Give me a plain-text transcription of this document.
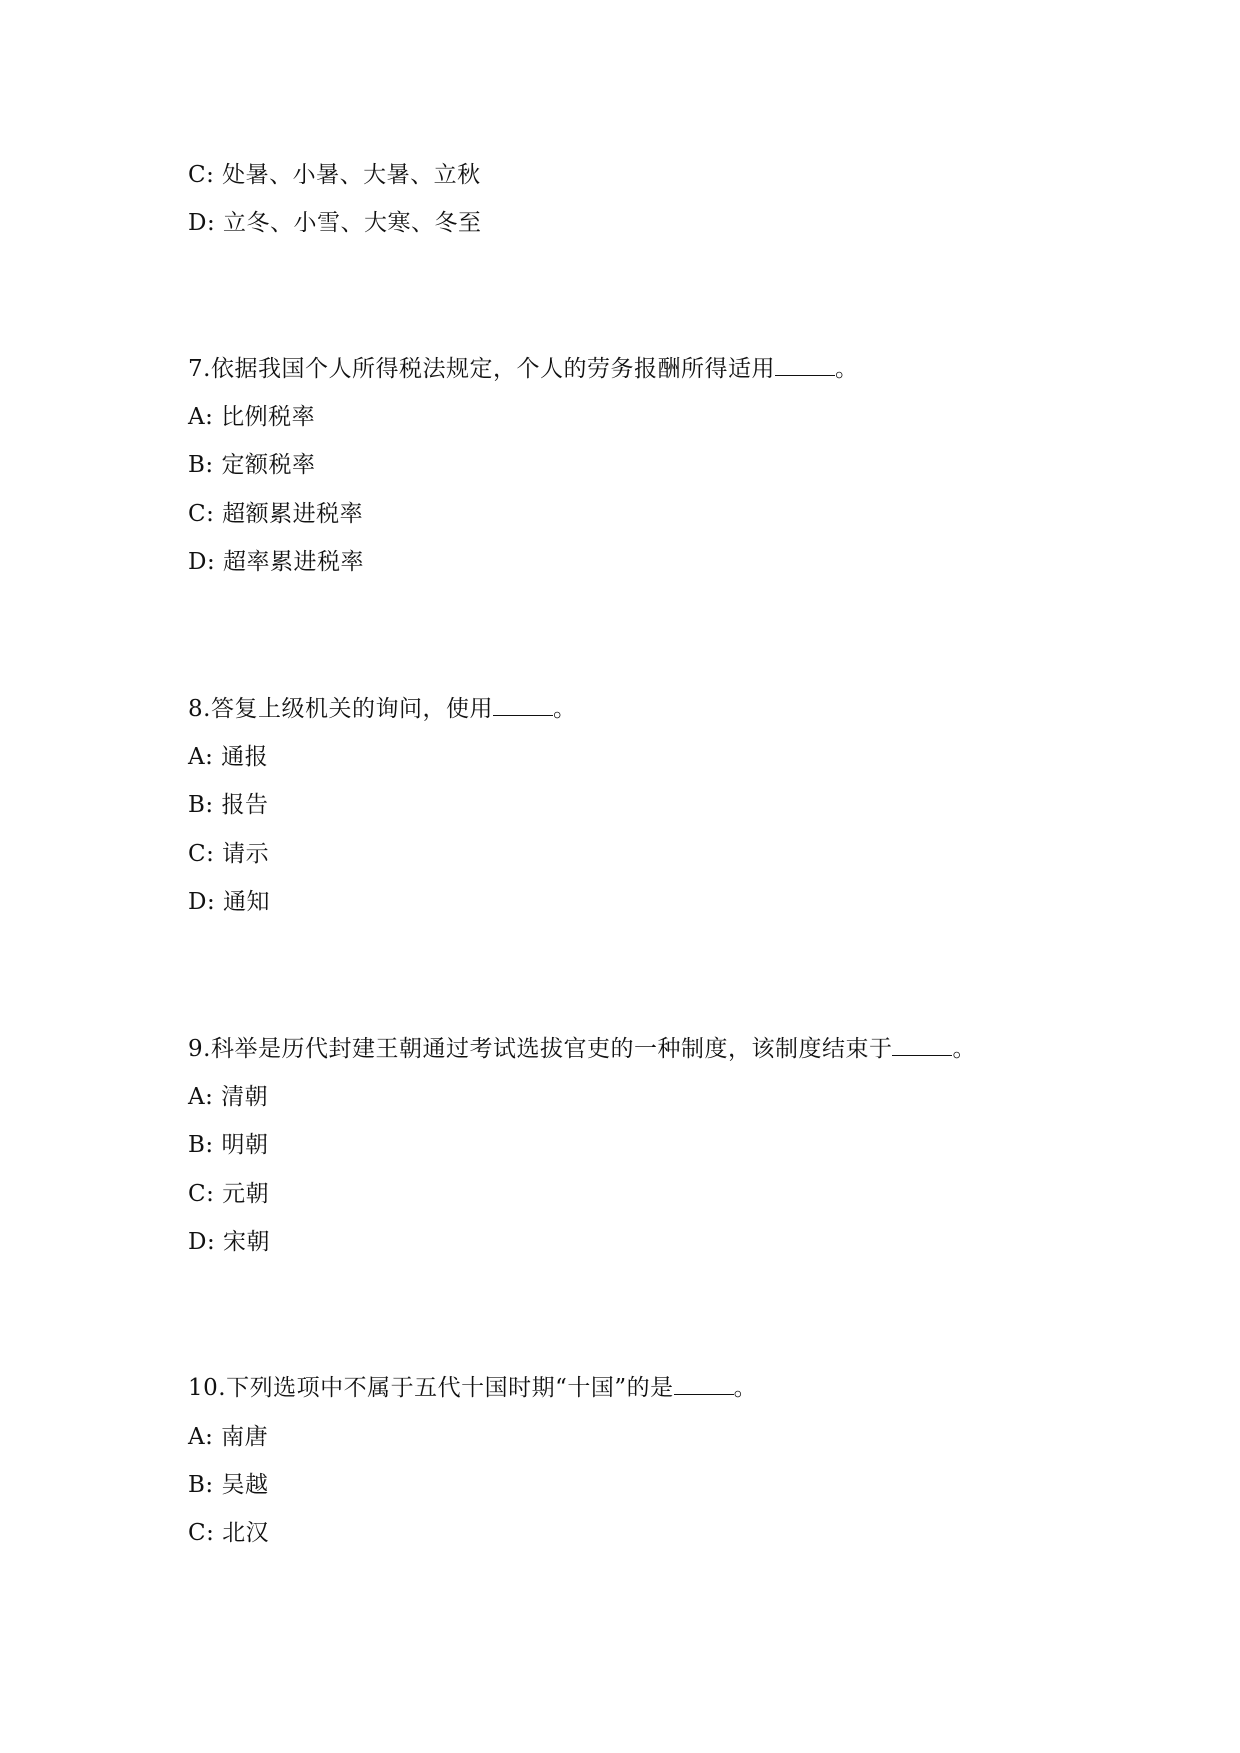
C: 处暑、小暑、大暑、立秋
D: 立冬、小雪、大寒、冬至
7.依据我国个人所得税法规定，个人的劳务报酬所得适用	。
A: 比例税率
B: 定额税率
C: 超额累进税率
D: 超率累进税率
8.答复上级机关的询问，使用	。
A: 通报
B: 报告
C: 请示
D: 通知
9.科举是历代封建王朝通过考试选拔官吏的一种制度，该制度结束于	。
A: 清朝
B: 明朝
C: 元朝
D: 宋朝
10.下列选项中不属于五代十国时期“十国”的是	。
A: 南唐
B: 吴越
C: 北汉
